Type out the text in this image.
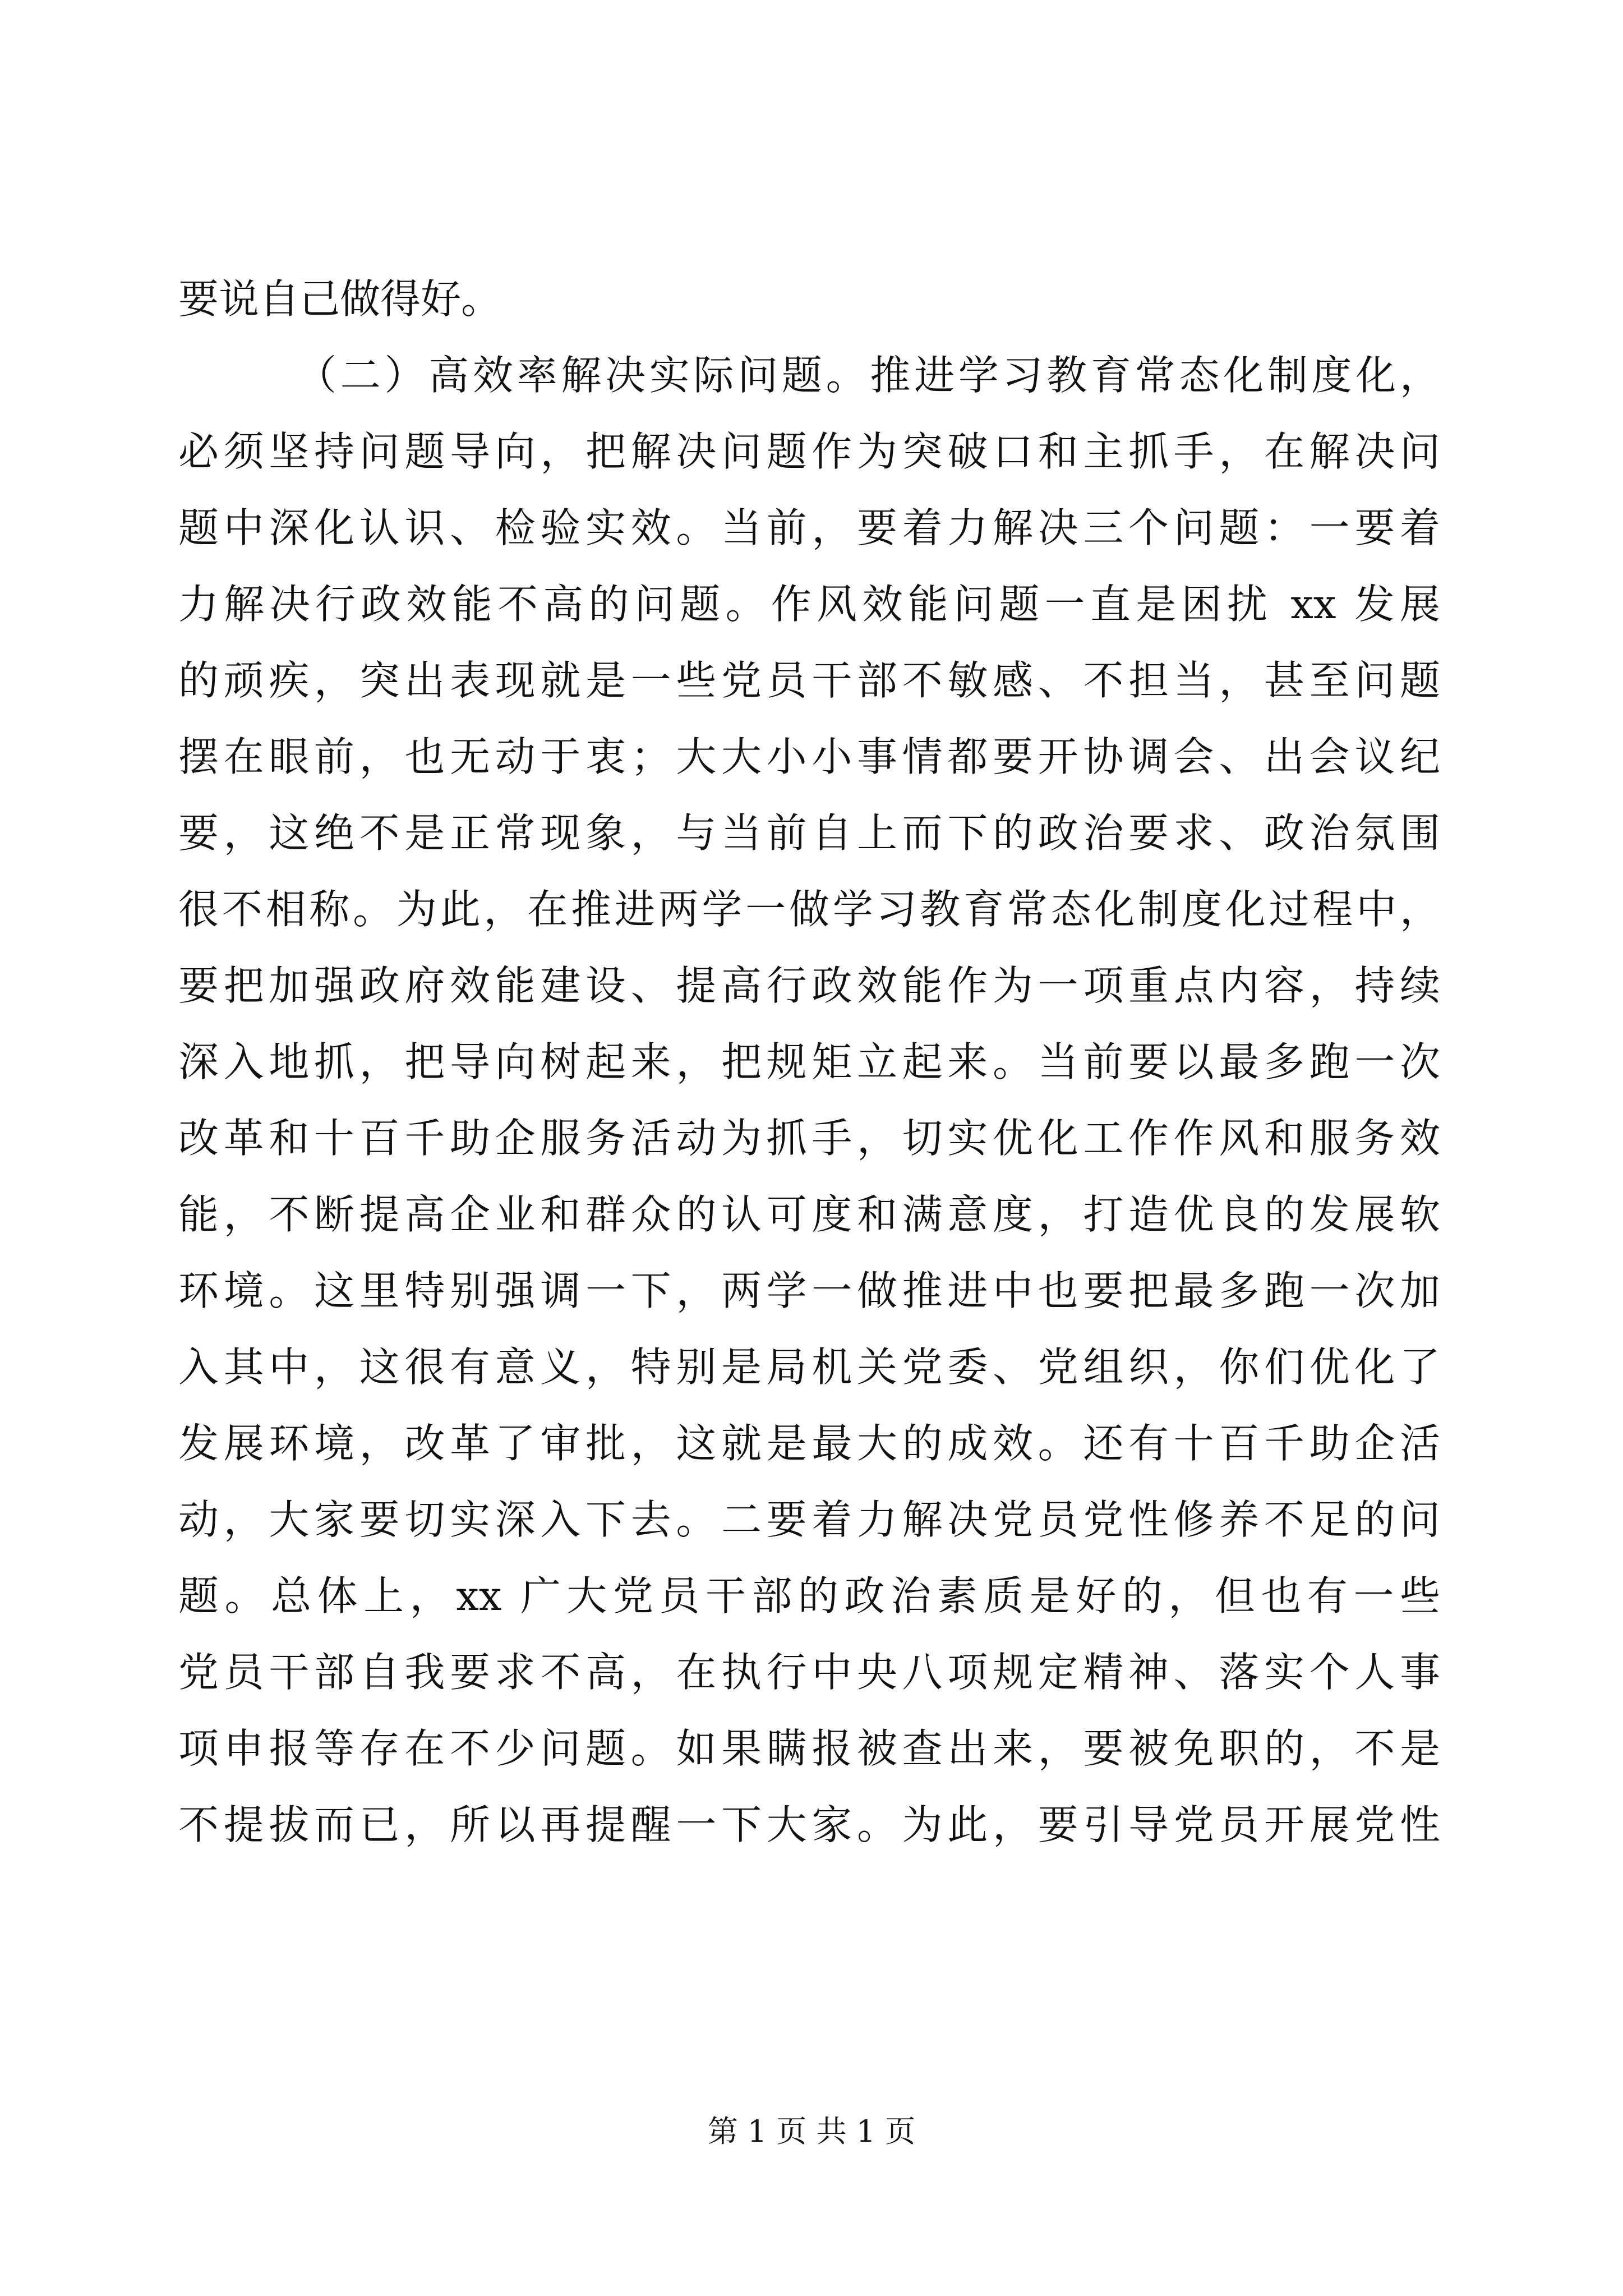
要说自己做得好。
（二）高效率解决实际问题。推进学习教育常态化制度化，
必须坚持问题导向，把解决问题作为突破口和主抓手，在解决问
题中深化认识、检验实效。当前，要着力解决三个问题：一要着
力解决行政效能不高的问题。作风效能问题一直是困扰 xx 发展
的顽疾，突出表现就是一些党员干部不敏感、不担当，甚至问题
摆在眼前，也无动于衷；大大小小事情都要开协调会、出会议纪
要，这绝不是正常现象，与当前自上而下的政治要求、政治氛围
很不相称。为此，在推进两学一做学习教育常态化制度化过程中，
要把加强政府效能建设、提高行政效能作为一项重点内容，持续
深入地抓，把导向树起来，把规矩立起来。当前要以最多跑一次
改革和十百千助企服务活动为抓手，切实优化工作作风和服务效
能，不断提高企业和群众的认可度和满意度，打造优良的发展软
环境。这里特别强调一下，两学一做推进中也要把最多跑一次加
入其中，这很有意义，特别是局机关党委、党组织，你们优化了
发展环境，改革了审批，这就是最大的成效。还有十百千助企活
动，大家要切实深入下去。二要着力解决党员党性修养不足的问
题。总体上，xx 广大党员干部的政治素质是好的，但也有一些
党员干部自我要求不高，在执行中央八项规定精神、落实个人事
项申报等存在不少问题。如果瞒报被查出来，要被免职的，不是
不提拔而已，所以再提醒一下大家。为此，要引导党员开展党性
第 1 页 共 1 页
